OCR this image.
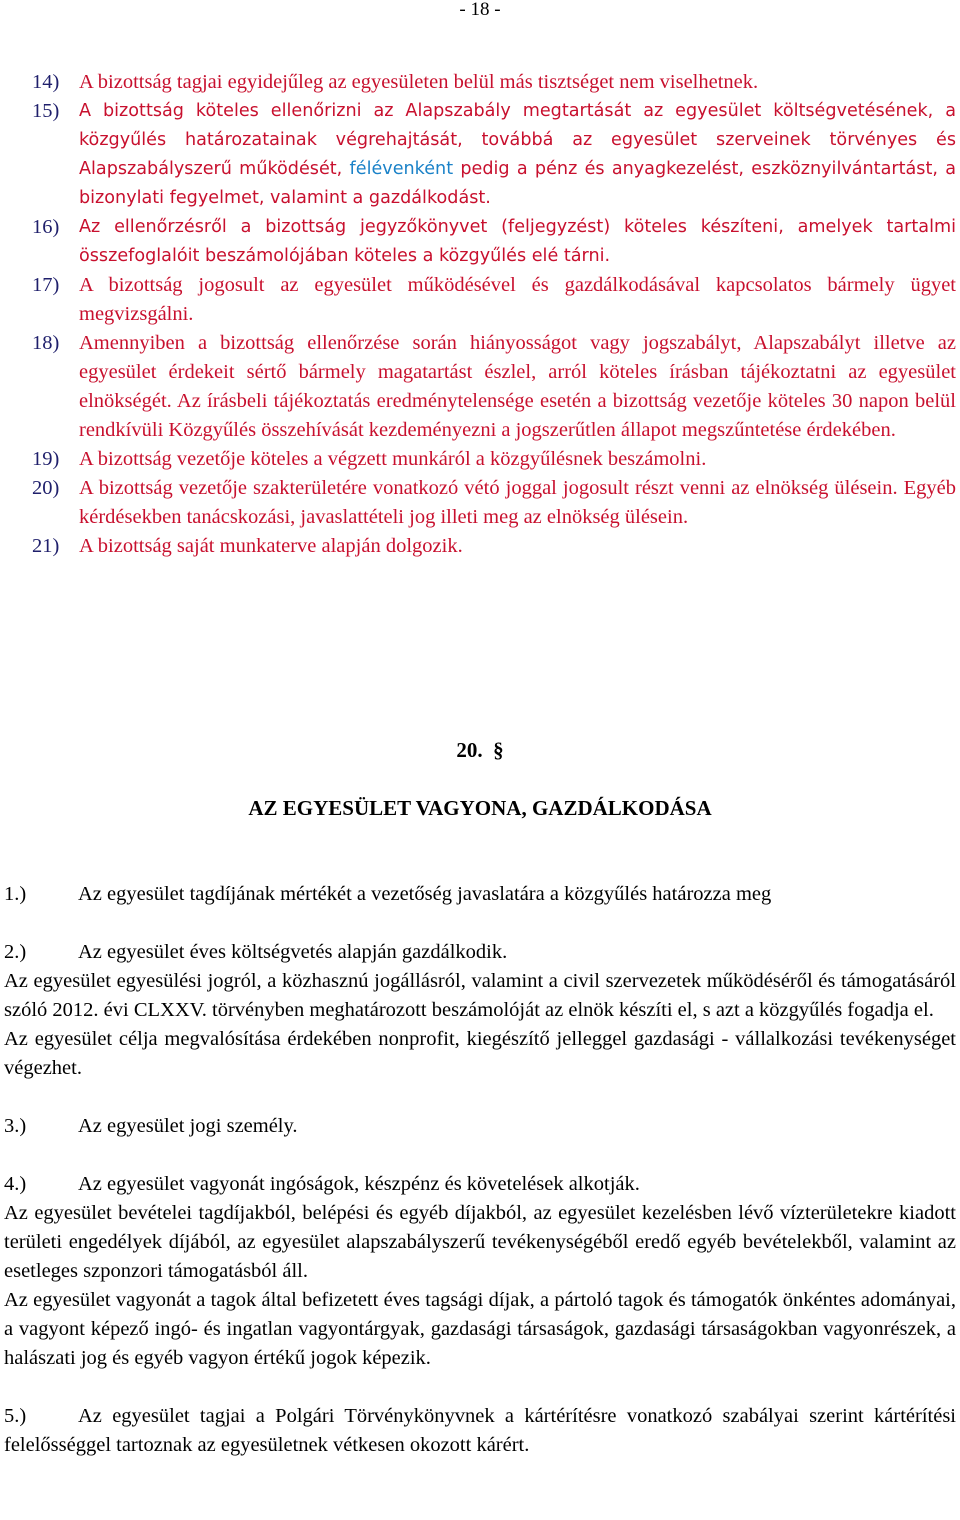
- 18 -
14) A bizottság tagjai egyidejűleg az egyesületen belül más tisztséget nem viselhetnek.
15)	A bizottság köteles ellenőrizni az Alapszabály megtartását az egyesület költségvetésének, a közgyűlés határozatainak végrehajtását, továbbá az egyesület szerveinek törvényes és Alapszabályszerű működését, félévenként pedig a pénz és anyagkezelést, eszköznyilvántartást, a bizonylati fegyelmet, valamint a gazdálkodást.
16)	Az ellenőrzésről a bizottság jegyzőkönyvet (feljegyzést) köteles készíteni, amelyek tartalmi összefoglalóit beszámolójában köteles a közgyűlés elé tárni.
17) A bizottság jogosult az egyesület működésével és gazdálkodásával kapcsolatos bármely ügyet megvizsgálni.
18) Amennyiben a bizottság ellenőrzése során hiányosságot vagy jogszabályt, Alapszabályt illetve az egyesület érdekeit sértő bármely magatartást észlel, arról köteles írásban tájékoztatni az egyesület elnökségét. Az írásbeli tájékoztatás eredménytelensége esetén a bizottság vezetője köteles 30 napon belül rendkívüli Közgyűlés összehívását kezdeményezni a jogszerűtlen állapot megszűntetése érdekében.
19) A bizottság vezetője köteles a végzett munkáról a közgyűlésnek beszámolni.
20) A bizottság vezetője szakterületére vonatkozó vétó joggal jogosult részt venni az elnökség ülésein. Egyéb kérdésekben tanácskozási, javaslattételi jog illeti meg az elnökség ülésein.
21) A bizottság saját munkaterve alapján dolgozik.
20. §
AZ EGYESÜLET VAGYONA, GAZDÁLKODÁSA
1.)	Az egyesület tagdíjának mértékét a vezetőség javaslatára a közgyűlés határozza meg
2.)	Az egyesület éves költségvetés alapján gazdálkodik.

Az egyesület egyesülési jogról, a közhasznú jogállásról, valamint a civil szervezetek működéséről és támogatásáról szóló 2012. évi CLXXV. törvényben meghatározott beszámolóját az elnök készíti el, s azt a közgyűlés fogadja el.

Az egyesület célja megvalósítása érdekében nonprofit, kiegészítő jelleggel gazdasági - vállalkozási tevékenységet végezhet.

3.)	Az egyesület jogi személy.
4.)	Az egyesület vagyonát ingóságok, készpénz és követelések alkotják.

Az egyesület bevételei tagdíjakból, belépési és egyéb díjakból, az egyesület kezelésben lévő vízterületekre kiadott területi engedélyek díjából, az egyesület alapszabályszerű tevékenységéből eredő egyéb bevételekből, valamint az esetleges szponzori támogatásból áll.

Az egyesület vagyonát a tagok által befizetett éves tagsági díjak, a pártoló tagok és támogatók önkéntes adományai, a vagyont képező ingó- és ingatlan vagyontárgyak, gazdasági társaságok, gazdasági társaságokban vagyonrészek, a halászati jog és egyéb vagyon értékű jogok képezik.

5.)	Az egyesület tagjai a Polgári Törvénykönyvnek a kártérítésre vonatkozó szabályai szerint kártérítési felelősséggel tartoznak az egyesületnek vétkesen okozott kárért.
